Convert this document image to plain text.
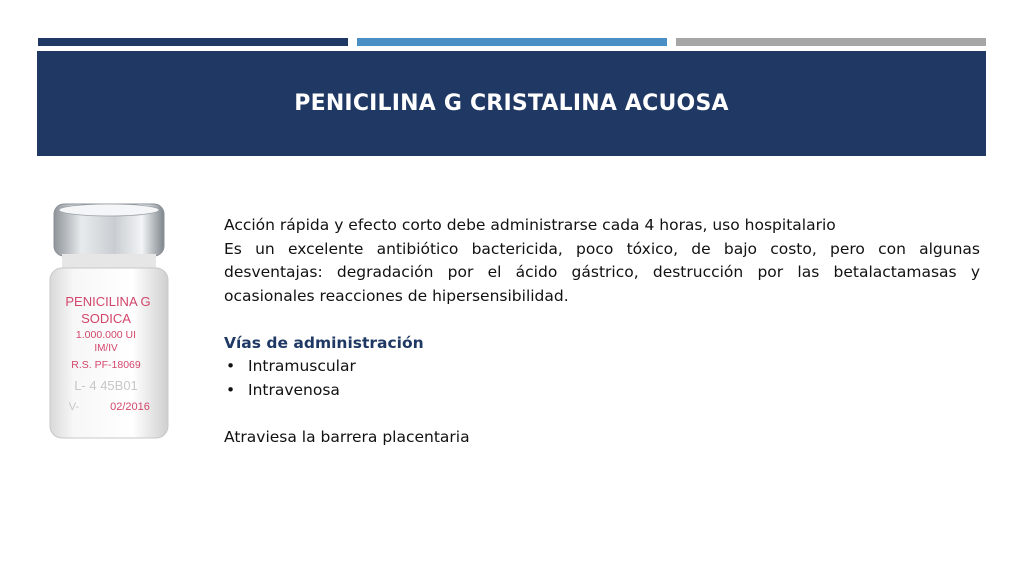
PENICILINA G CRISTALINA ACUOSA
PENICILINA G
SODICA
1.000.000 UI
IM/IV
R.S. PF-18069
L- 4 45B01
V-	02/2016

Acción rápida y efecto corto debe administrarse cada 4 horas, uso hospitalario

Es un excelente antibiótico bactericida, poco tóxico, de bajo costo, pero con algunas desventajas: degradación por el ácido gástrico, destrucción por las betalactamasas y ocasionales reacciones de hipersensibilidad.

Vías de administración

• Intramuscular
• Intravenosa

Atraviesa la barrera placentaria
